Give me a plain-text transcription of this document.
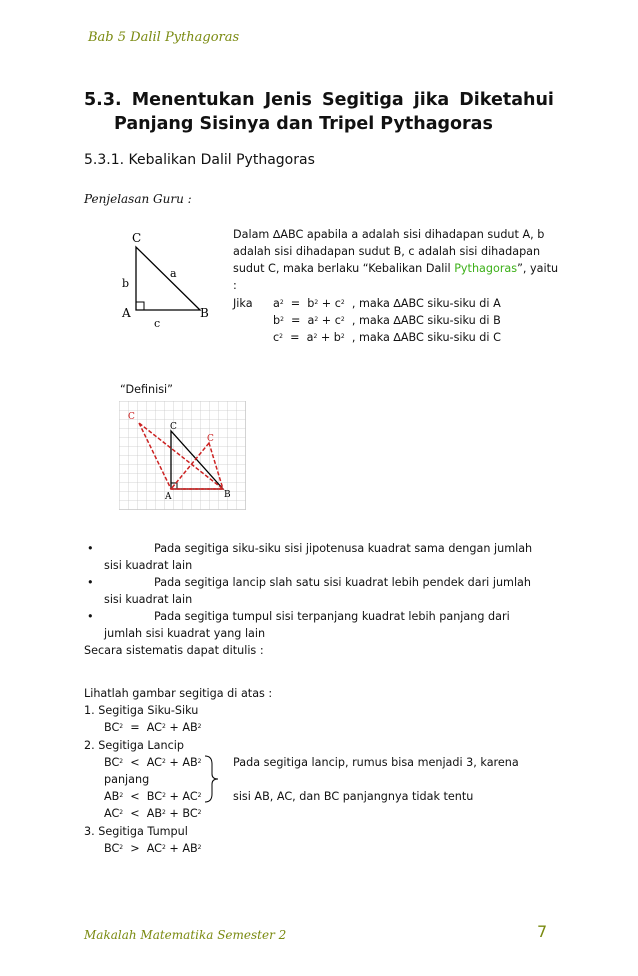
Bab 5 Dalil Pythagoras
5.3. Menentukan Jenis Segitiga jika Diketahui
Panjang Sisinya dan Tripel Pythagoras
5.3.1. Kebalikan Dalil Pythagoras
Penjelasan Guru :
C
a
b
A	B
c
Dalam ∆ABC apabila a adalah sisi dihadapan sudut A, b adalah sisi dihadapan sudut B, c adalah sisi dihadapan sudut C, maka berlaku “Kebalikan Dalil Pythagoras”, yaitu :
Jika	$a^2 = b^2 + c^2$ , maka ∆ABC siku-siku di A
$b^2 = a^2 + c^2$ , maka ∆ABC siku-siku di B
$c^2 = a^2 + b^2$ , maka ∆ABC siku-siku di C
“Definisi”
C
C
C
A	B
•	Pada segitiga siku-siku sisi jipotenusa kuadrat sama dengan jumlah
sisi kuadrat lain
•	Pada segitiga lancip slah satu sisi kuadrat lebih pendek dari jumlah
sisi kuadrat lain
•	Pada segitiga tumpul sisi terpanjang kuadrat lebih panjang dari
jumlah sisi kuadrat yang lain
Secara sistematis dapat ditulis :
Lihatlah gambar segitiga di atas :
1. Segitiga Siku-Siku
$BC^2 = AC^2 + AB^2$
2. Segitiga Lancip
$BC^2 < AC^2 + AB^2$
panjang
$AB^2 < BC^2 + AC^2$
$AC^2 < AB^2 + BC^2$
3. Segitiga Tumpul
$BC^2 > AC^2 + AB^2$
Pada segitiga lancip, rumus bisa menjadi 3, karena
sisi AB, AC, dan BC panjangnya tidak tentu
Makalah Matematika Semester 2	7
